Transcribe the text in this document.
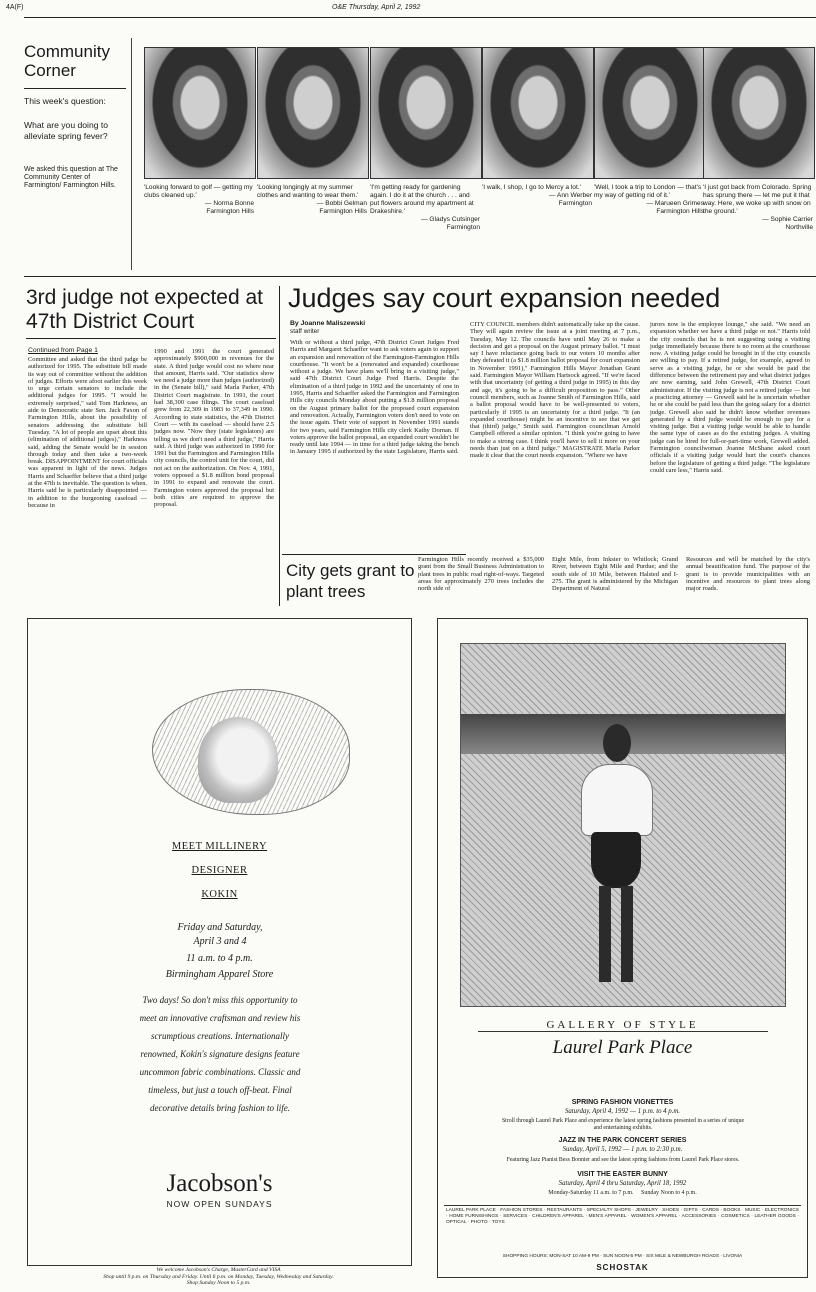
4A(F)	O&E Thursday, April 2, 1992
Community
Corner
This week's question:
What are you doing to alleviate spring fever?
We asked this question at The Community Center of Farmington/ Farmington Hills.	'Looking forward to golf — getting my clubs cleaned up.'
— Norma Bonne
Farmington Hills
'Looking longingly at my summer clothes and wanting to wear them.'
— Bobbi Gelman
Farmington Hills
'I'm getting ready for gardening again. I do it at the church . . . and put flowers around my apartment at Drakeshire.'
— Gladys Cutsinger
Farmington
'I walk, I shop, I go to Mercy a lot.'
— Ann Werber
Farmington
'Well, I took a trip to London — that's my way of getting rid of it.'
— Marueen Grimes
Farmington Hills
'I just got back from Colorado. Spring has sprung there — let me put it that way. Here, we woke up with snow on the ground.'
— Sophie Carrier
Northville
3rd judge not expected at 47th District Court
Continued from Page 1
Committee and asked that the third judge be authorized for 1995. The substitute bill made its way out of committee without the addition of judges. Efforts were afoot earlier this week to urge certain senators to include the additional judges for 1995. "I would be extremely surprised," said Tom Harkness, an aide to Democratic state Sen. Jack Faxon of Farmington Hills, about the possibility of senators addressing the substitute bill Tuesday. "A lot of people are upset about this (elimination of additional judges)," Harkness said, adding the Senate would be in session through today and then take a two-week break. DISAPPOINTMENT for court officials was apparent in light of the news. Judges Harris and Schaeffer believe that a third judge at the 47th is inevitable. The question is when. Harris said he is particularly disappointed — in addition to the burgeoning caseload — because in
1990 and 1991 the court generated approximately $900,000 in revenues for the state. A third judge would cost no where near that amount, Harris said. "Our statistics show we need a judge more than judges (authorized) in the (Senate bill)," said Marla Parker, 47th District Court magistrate. In 1991, the court had 38,300 case filings. The court caseload grew from 22,309 in 1983 to 37,349 in 1990. According to state statistics, the 47th District Court — with its caseload — should have 2.5 judges now. "Now they (state legislators) are telling us we don't need a third judge," Harris said. A third judge was authorized in 1990 for 1991 but the Farmington and Farmington Hills city councils, the control unit for the court, did not act on the authorization. On Nov. 4, 1991, voters opposed a $1.8 million bond proposal in 1991 to expand and renovate the court. Farmington voters approved the proposal but both cities are required to approve the proposal.
Judges say court expansion needed
By Joanne Maliszewski
staff writer
With or without a third judge, 47th District Court Judges Fred Harris and Margaret Schaeffer want to ask voters again to support an expansion and renovation of the Farmington-Farmington Hills courthouse. "It won't be a (renovated and expanded) courthouse without a judge. We have plans we'll bring in a visiting judge," said 47th District Court Judge Fred Harris. Despite the elimination of a third judge in 1992 and the uncertainty of one in 1995, Harris and Schaeffer asked the Farmington and Farmington Hills city councils Monday about putting a $1.8 million proposal on the August primary ballot for the proposed court expansion and renovation. Actually, Farmington voters don't need to vote on the issue again. Their vote of support in November 1991 stands for two years, said Farmington Hills city clerk Kathy Dornan. If voters approve the ballot proposal, an expanded court wouldn't be ready until late 1994 — in time for a third judge taking the bench in January 1995 if authorized by the state Legislature, Harris said.
CITY COUNCIL members didn't automatically take up the cause. They will again review the issue at a joint meeting at 7 p.m., Tuesday, May 12. The councils have until May 26 to make a decision and get a proposal on the August primary ballot. "I must say I have reluctance going back to our voters 10 months after they defeated it (a $1.8 million ballot proposal for court expansion in November 1991)," Farmington Hills Mayor Jonathan Grant said. Farmington Mayor William Hartsock agreed. "If we're faced with that uncertainty (of getting a third judge in 1995) in this day and age, it's going to be a difficult proposition to pass." Other council members, such as Joanne Smith of Farmington Hills, said a ballot proposal would have to be well-presented to voters, particularly if 1995 is an uncertainty for a third judge. "It (an expanded courthouse) might be an incentive to see that we get that (third) judge," Smith said. Farmington councilman Arnold Campbell offered a similar opinion. "I think you're going to have to make a strong case. I think you'll have to sell it more on your needs than just on a third judge." MAGISTRATE Marla Parker made it clear that the court needs expansion. "Where we have
jurors now is the employee lounge," she said. "We need an expansion whether we have a third judge or not." Harris told the city councils that he is not suggesting using a visiting judge immediately because there is no room at the courthouse now. A visiting judge could be brought in if the city councils are willing to pay. If a retired judge, for example, agreed to serve as a visiting judge, he or she would be paid the difference between the retirement pay and what district judges are now earning, said John Grewell, 47th District Court administrator. If the visiting judge is not a retired judge — but a practicing attorney — Grewell said he is uncertain whether he or she could be paid less than the going salary for a district judge. Grewell also said he didn't know whether revenues generated by a third judge would be enough to pay for a visiting judge. But a visiting judge would be able to handle the same type of cases as do the existing judges. A visiting judge can be hired for full-or-part-time work, Grewell added. Farmington councilwoman Joanne McShane asked court officials if a visiting judge would hurt the court's chances before the legislature of getting a third judge. "The legislature could care less," Harris said.
City gets grant to plant trees
Farmington Hills recently received a $35,000 grant from the Small Business Administration to plant trees in public road right-of-ways. Targeted areas for approximately 270 trees includes the north side of
Eight Mile, from Inkster to Whitlock; Grand River, between Eight Mile and Purdue; and the south side of 10 Mile, between Halsted and I-275. The grant is administered by the Michigan Department of Natural
Resources and will be matched by the city's annual beautification fund. The purpose of the grant is to provide municipalities with an incentive and resources to plant trees along major roads.
MEET MILLINERY
DESIGNER
KOKIN
Friday and Saturday, April 3 and 4
11 a.m. to 4 p.m.
Birmingham Apparel Store
Two days! So don't miss this opportunity to meet an innovative craftsman and review his scrumptious creations. Internationally renowned, Kokin's signature designs feature uncommon fabric combinations. Classic and timeless, but just a touch off-beat. Final decorative details bring fashion to life.
Jacobson's
NOW OPEN SUNDAYS
We welcome Jacobson's Charge, MasterCard and VISA
Shop until 9 p.m. on Thursday and Friday. Until 6 p.m. on Monday, Tuesday, Wednesday and Saturday.
Shop Sunday Noon to 5 p.m.
GALLERY OF STYLE
Laurel Park Place
SPRING FASHION VIGNETTES
Saturday, April 4, 1992 — 1 p.m. to 4 p.m.
Stroll through Laurel Park Place and experience the latest spring fashions presented in a series of unique and entertaining exhibits.
JAZZ IN THE PARK CONCERT SERIES
Sunday, April 5, 1992 — 1 p.m. to 2:30 p.m.
Featuring Jazz Pianist Bess Bonnier and see the latest spring fashions from Laurel Park Place stores.
VISIT THE EASTER BUNNY
Saturday, April 4 thru Saturday, April 18, 1992
Monday-Saturday 11 a.m. to 7 p.m.     Sunday Noon to 4 p.m.
LAUREL PARK PLACE · FASHION STORES · RESTAURANTS · SPECIALTY SHOPS · JEWELRY · SHOES · GIFTS · CARDS · BOOKS · MUSIC · ELECTRONICS · HOME FURNISHINGS · SERVICES · CHILDREN'S APPAREL · MEN'S APPAREL · WOMEN'S APPAREL · ACCESSORIES · COSMETICS · LEATHER GOODS · OPTICAL · PHOTO · TOYS
SHOPPING HOURS: MON-SAT 10 AM-9 PM · SUN NOON-5 PM · SIX MILE & NEWBURGH ROADS · LIVONIA
SCHOSTAK
